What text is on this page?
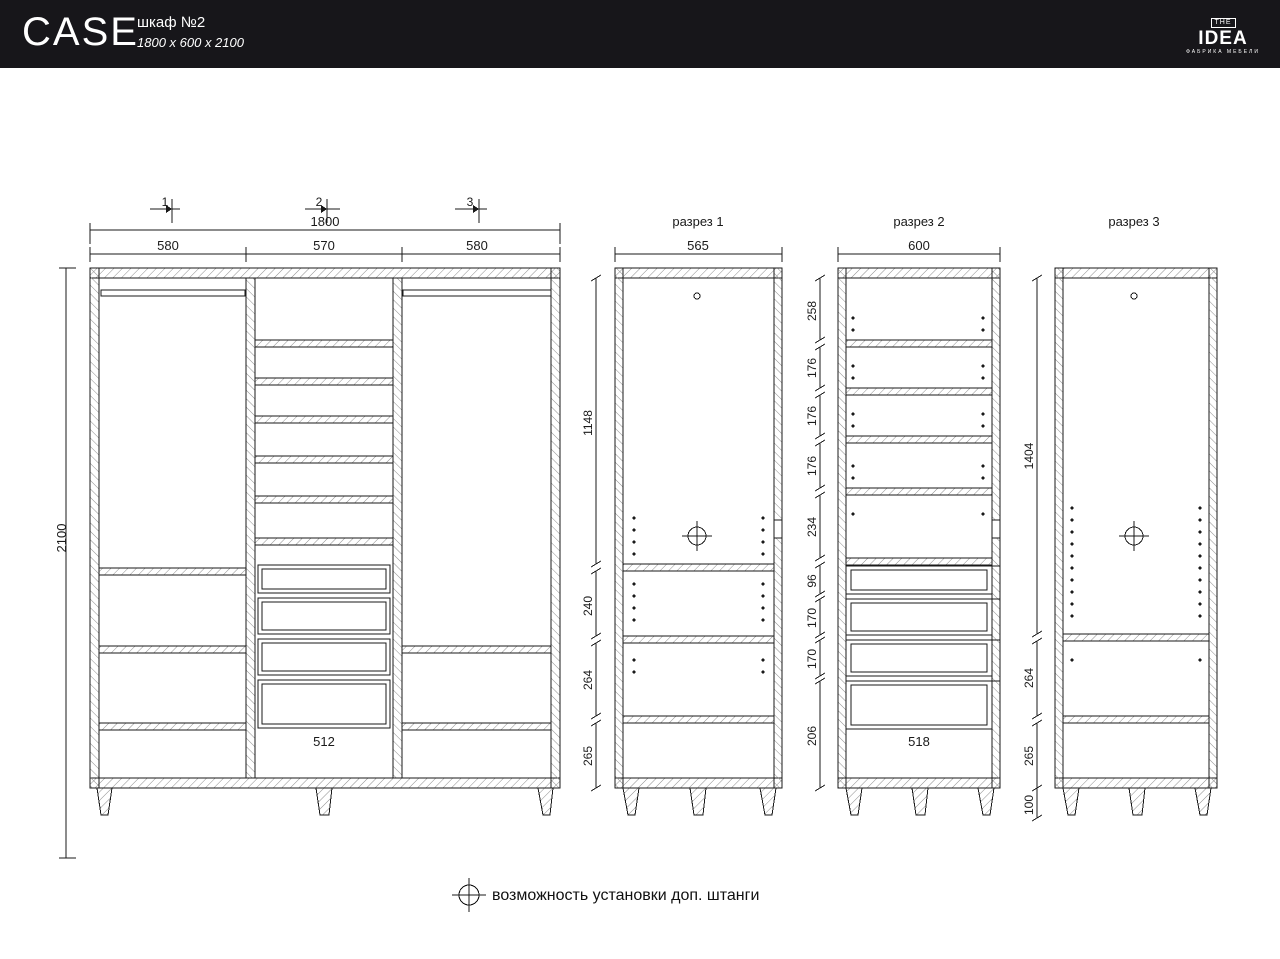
CASE
шкаф №2
1800 x 600 x 2100
THE
IDEA
ФАБРИКА МЕБЕЛИ
1	2	3
1800
580	570	580
2100
512
разрез 1
565
1148
240
264
265
разрез 2
600
258
176
176
176
234
96
170
170
206	518
разрез 3
1404
264
265
100
возможность установки доп. штанги
